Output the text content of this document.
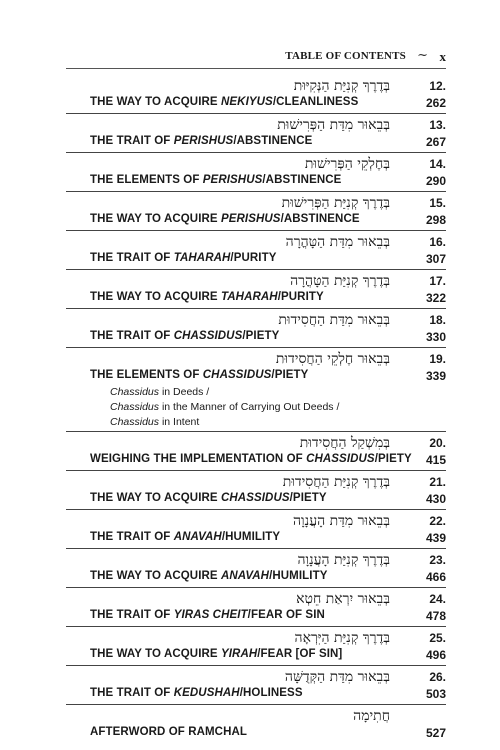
TABLE OF CONTENTS ~ x
בְּדֶרֶךְ קְנִיַּת הַנְּקִיּוּת	12.
THE WAY TO ACQUIRE NEKIYUS/CLEANLINESS	262
בְּבֵאוּר מִדַּת הַפְּרִישׁוּת	13.
THE TRAIT OF PERISHUS/ABSTINENCE	267
בְּחֶלְקֵי הַפְּרִישׁוּת	14.
THE ELEMENTS OF PERISHUS/ABSTINENCE	290
בְּדֶרֶךְ קְנִיַּת הַפְּרִישׁוּת	15.
THE WAY TO ACQUIRE PERISHUS/ABSTINENCE	298
בְּבֵאוּר מִדַּת הַטָּהֳרָה	16.
THE TRAIT OF TAHARAH/PURITY	307
בְּדֶרֶךְ קְנִיַּת הַטָּהֳרָה	17.
THE WAY TO ACQUIRE TAHARAH/PURITY	322
בְּבֵאוּר מִדַּת הַחֲסִידוּת	18.
THE TRAIT OF CHASSIDUS/PIETY	330
בְּבֵאוּר חֶלְקֵי הַחֲסִידוּת	19.
THE ELEMENTS OF CHASSIDUS/PIETY	339
Chassidus in Deeds /
Chassidus in the Manner of Carrying Out Deeds /
Chassidus in Intent
בְּמִשְׁקַל הַחֲסִידוּת	20.
WEIGHING THE IMPLEMENTATION OF CHASSIDUS/PIETY 415
בְּדֶרֶךְ קְנִיַּת הַחֲסִידוּת	21.
THE WAY TO ACQUIRE CHASSIDUS/PIETY	430
בְּבֵאוּר מִדַּת הָעֲנָוָה	22.
THE TRAIT OF ANAVAH/HUMILITY	439
בְּדֶרֶךְ קְנִיַּת הָעֲנָוָה	23.
THE WAY TO ACQUIRE ANAVAH/HUMILITY	466
בְּבֵאוּר יִרְאַת חֵטְא	24.
THE TRAIT OF YIRAS CHEIT/FEAR OF SIN	478
בְּדֶרֶךְ קְנִיַּת הַיִּרְאָה	25.
THE WAY TO ACQUIRE YIRAH/FEAR [OF SIN]	496
בְּבֵאוּר מִדַּת הַקְּדֻשָּׁה	26.
THE TRAIT OF KEDUSHAH/HOLINESS	503
חֲתִימָה
AFTERWORD OF RAMCHAL	527
